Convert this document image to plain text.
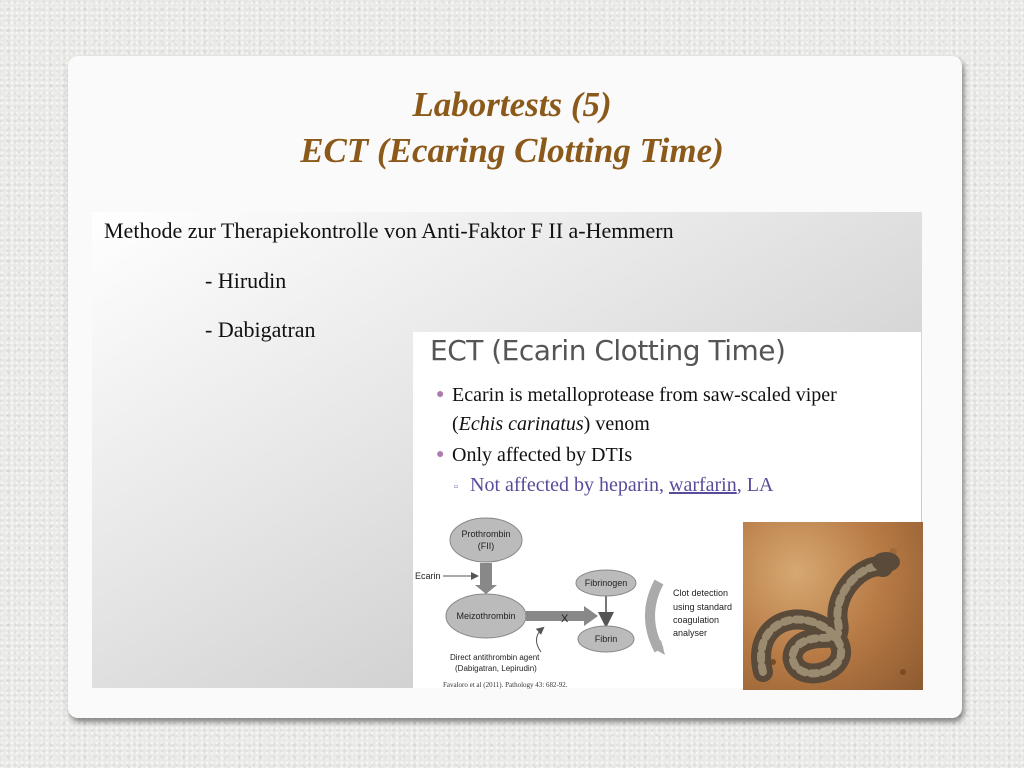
Labortests (5)
ECT (Ecaring Clotting Time)
Methode zur Therapiekontrolle von Anti-Faktor F II a-Hemmern
- Hirudin
- Dabigatran
ECT (Ecarin Clotting Time)
● Ecarin is metalloprotease from saw-scaled viper
(Echis carinatus) venom
● Only affected by DTIs
▫ Not affected by heparin, warfarin, LA
Prothrombin
(FII)
Ecarin
Meizothrombin	X
Fibrinogen
Fibrin
Clot detection
using standard
coagulation
analyser
Direct antithrombin agent
(Dabigatran, Lepirudin)
Favaloro et al (2011). Pathology 43: 682-92.
